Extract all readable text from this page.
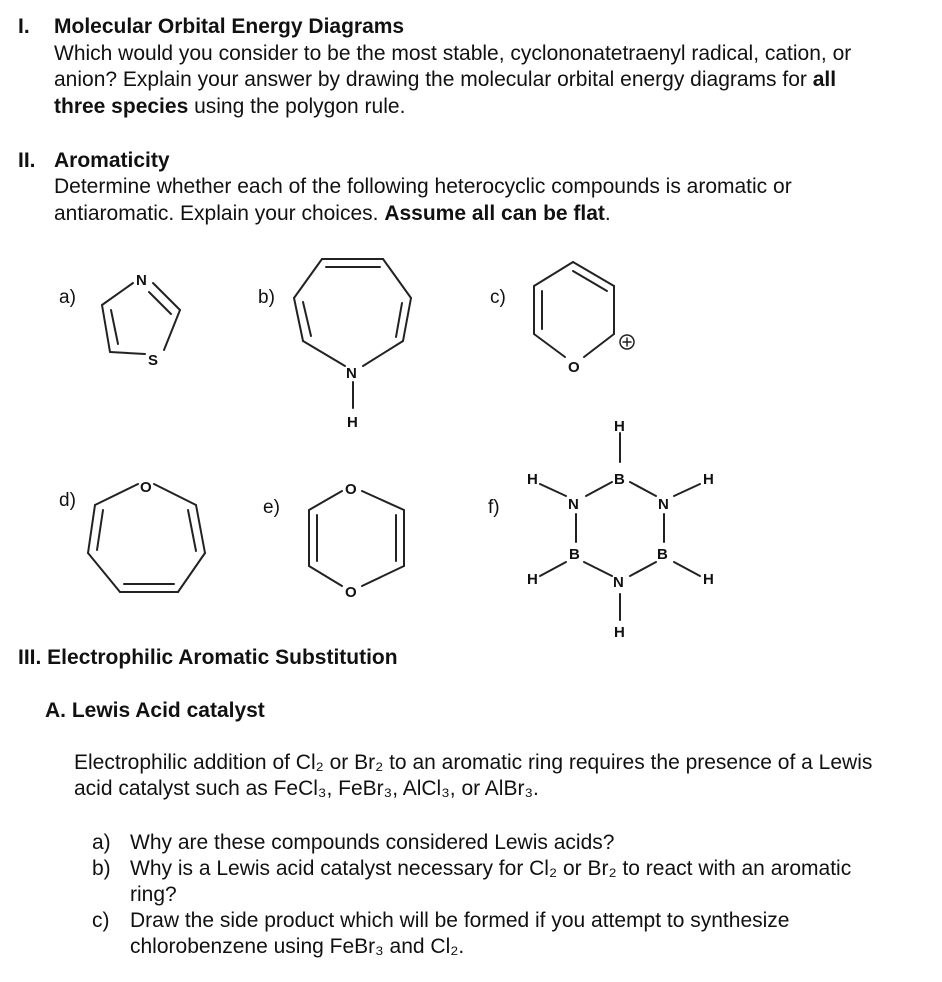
I. Molecular Orbital Energy Diagrams
Which would you consider to be the most stable, cyclononatetraenyl radical, cation, or
anion? Explain your answer by drawing the molecular orbital energy diagrams for all
three species using the polygon rule.
II. Aromaticity
Determine whether each of the following heterocyclic compounds is aromatic or
antiaromatic. Explain your choices. Assume all can be flat.
a)	b)	c)
d)	e)	f)
N
S
N
H
O
O	O
O
H
B
H
N	N
H
B	B
H	H
N
H
III. Electrophilic Aromatic Substitution
A. Lewis Acid catalyst
Electrophilic addition of Cl₂ or Br₂ to an aromatic ring requires the presence of a Lewis
acid catalyst such as FeCl₃, FeBr₃, AlCl₃, or AlBr₃.
a) Why are these compounds considered Lewis acids?
b) Why is a Lewis acid catalyst necessary for Cl₂ or Br₂ to react with an aromatic
ring?
c) Draw the side product which will be formed if you attempt to synthesize
chlorobenzene using FeBr₃ and Cl₂.
